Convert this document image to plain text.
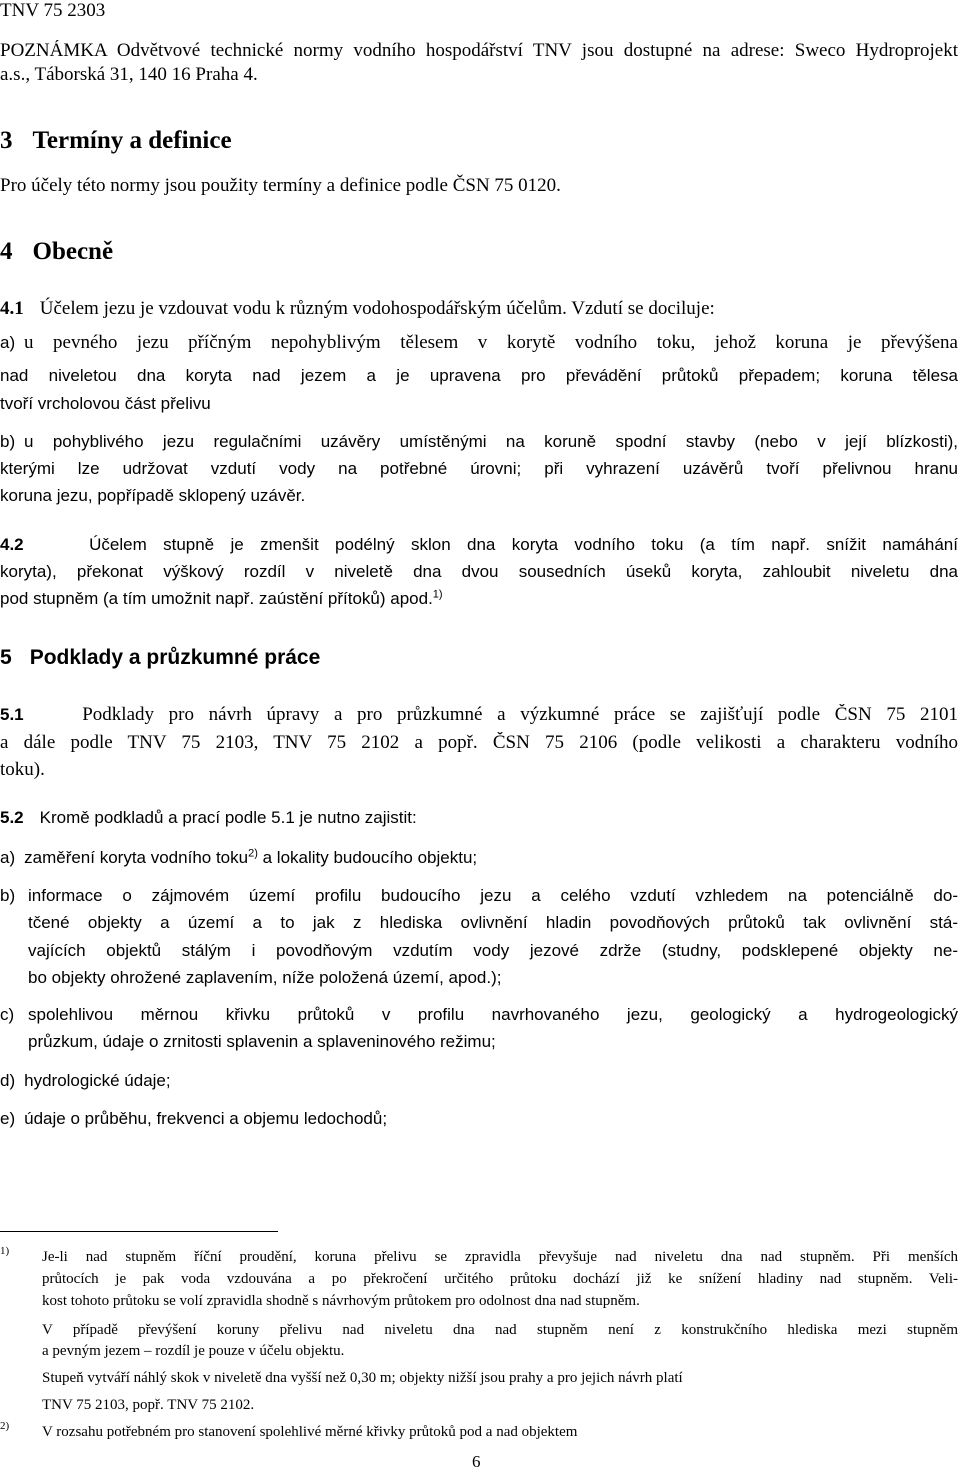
TNV 75 2303
POZNÁMKA Odvětvové technické normy vodního hospodářství TNV jsou dostupné na adrese: Sweco Hydroprojekt
a.s., Táborská 31, 140 16 Praha 4.
3 Termíny a definice
Pro účely této normy jsou použity termíny a definice podle ČSN 75 0120.
4 Obecně
4.1 Účelem jezu je vzdouvat vodu k různým vodohospodářským účelům. Vzdutí se dociluje:
a) u pevného jezu příčným nepohyblivým tělesem v korytě vodního toku, jehož koruna je převýšena
nad niveletou dna koryta nad jezem a je upravena pro převádění průtoků přepadem; koruna tělesa
tvoří vrcholovou část přelivu
b) u pohyblivého jezu regulačními uzávěry umístěnými na koruně spodní stavby (nebo v její blízkosti),
kterými lze udržovat vzdutí vody na potřebné úrovni; při vyhrazení uzávěrů tvoří přelivnou hranu
koruna jezu, popřípadě sklopený uzávěr.
4.2	Účelem stupně je zmenšit podélný sklon dna koryta vodního toku (a tím např. snížit namáhání
koryta), překonat výškový rozdíl v niveletě dna dvou sousedních úseků koryta, zahloubit niveletu dna
pod stupněm (a tím umožnit např. zaústění přítoků) apod.$^{1)}$
5 Podklady a průzkumné práce
5.1	Podklady pro návrh úpravy a pro průzkumné a výzkumné práce se zajišťují podle ČSN 75 2101
a dále podle TNV 75 2103, TNV 75 2102 a popř. ČSN 75 2106 (podle velikosti a charakteru vodního
toku).
5.2 Kromě podkladů a prací podle 5.1 je nutno zajistit:
a) zaměření koryta vodního toku$^{2)}$ a lokality budoucího objektu;
b) informace o zájmovém území profilu budoucího jezu a celého vzdutí vzhledem na potenciálně do-
tčené objekty a území a to jak z hlediska ovlivnění hladin povodňových průtoků tak ovlivnění stá-
vajících objektů stálým i povodňovým vzdutím vody jezové zdrže (studny, podsklepené objekty ne-
bo objekty ohrožené zaplavením, níže položená území, apod.);
c) spolehlivou měrnou křivku průtoků v profilu navrhovaného jezu, geologický a hydrogeologický
průzkum, údaje o zrnitosti splavenin a splaveninového režimu;
d) hydrologické údaje;
e) údaje o průběhu, frekvenci a objemu ledochodů;
1) Je-li nad stupněm říční proudění, koruna přelivu se zpravidla převyšuje nad niveletu dna nad stupněm. Při menších
průtocích je pak voda vzdouvána a po překročení určitého průtoku dochází již ke snížení hladiny nad stupněm. Veli-
kost tohoto průtoku se volí zpravidla shodně s návrhovým průtokem pro odolnost dna nad stupněm.
V případě převýšení koruny přelivu nad niveletu dna nad stupněm není z konstrukčního hlediska mezi stupněm
a pevným jezem – rozdíl je pouze v účelu objektu.
Stupeň vytváří náhlý skok v niveletě dna vyšší než 0,30 m; objekty nižší jsou prahy a pro jejich návrh platí
TNV 75 2103, popř. TNV 75 2102.
2) V rozsahu potřebném pro stanovení spolehlivé měrné křivky průtoků pod a nad objektem
6
